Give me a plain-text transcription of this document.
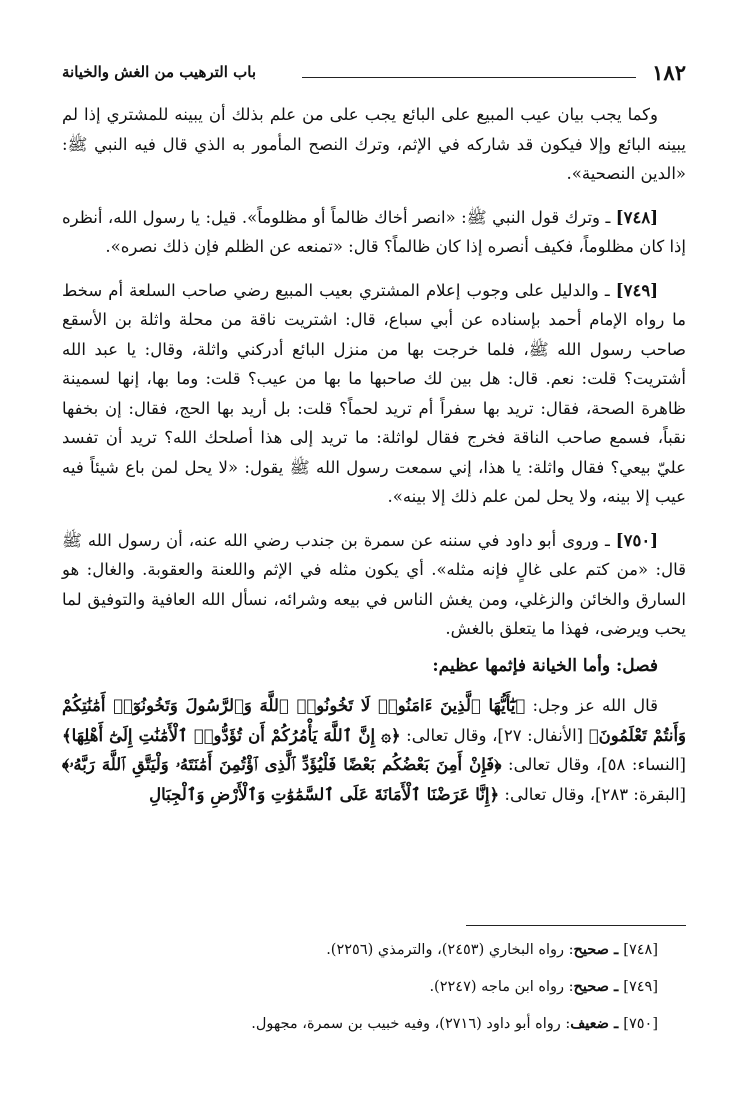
١٨٢
باب الترهيب من الغش والخيانة

وكما يجب بيان عيب المبيع على البائع يجب على من علم بذلك أن يبينه للمشتري إذا لم يبينه البائع وإلا فيكون قد شاركه في الإثم، وترك النصح المأمور به الذي قال فيه النبي ﷺ: «الدين النصحية».

[٧٤٨] ـ وترك قول النبي ﷺ: «انصر أخاك ظالماً أو مظلوماً». قيل: يا رسول الله، أنظره إذا كان مظلوماً، فكيف أنصره إذا كان ظالماً؟ قال: «تمنعه عن الظلم فإن ذلك نصره».

[٧٤٩] ـ والدليل على وجوب إعلام المشتري بعيب المبيع رضي صاحب السلعة أم سخط ما رواه الإمام أحمد بإسناده عن أبي سباع، قال: اشتريت ناقة من محلة واثلة بن الأسقع صاحب رسول الله ﷺ، فلما خرجت بها من منزل البائع أدركني واثلة، وقال: يا عبد الله أشتريت؟ قلت: نعم. قال: هل بين لك صاحبها ما بها من عيب؟ قلت: وما بها، إنها لسمينة ظاهرة الصحة، فقال: تريد بها سفراً أم تريد لحماً؟ قلت: بل أريد بها الحج، فقال: إن بخفها نقباً، فسمع صاحب الناقة فخرج فقال لواثلة: ما تريد إلى هذا أصلحك الله؟ تريد أن تفسد عليّ بيعي؟ فقال واثلة: يا هذا، إني سمعت رسول الله ﷺ يقول: «لا يحل لمن باع شيئاً فيه عيب إلا بينه، ولا يحل لمن علم ذلك إلا بينه».

[٧٥٠] ـ وروى أبو داود في سننه عن سمرة بن جندب رضي الله عنه، أن رسول الله ﷺ قال: «من كتم على غالٍ فإنه مثله». أي يكون مثله في الإثم واللعنة والعقوبة. والغال: هو السارق والخائن والزغلي، ومن يغش الناس في بيعه وشرائه، نسأل الله العافية والتوفيق لما يحب ويرضى، فهذا ما يتعلق بالغش.

فصل: وأما الخيانة فإثمها عظيم:

قال الله عز وجل: ﴿يَٰٓأَيُّهَا ٱلَّذِينَ ءَامَنُوا۟ لَا تَخُونُوا۟ ٱللَّهَ وَٱلرَّسُولَ وَتَخُونُوٓا۟ أَمَٰنَٰتِكُمْ وَأَنتُمْ تَعْلَمُونَ﴾ [الأنفال: ٢٧]، وقال تعالى: ﴿۞ إِنَّ ٱللَّهَ يَأْمُرُكُمْ أَن تُؤَدُّوا۟ ٱلْأَمَٰنَٰتِ إِلَىٰٓ أَهْلِهَا﴾ [النساء: ٥٨]، وقال تعالى: ﴿فَإِنْ أَمِنَ بَعْضُكُم بَعْضًا فَلْيُؤَدِّ ٱلَّذِى ٱؤْتُمِنَ أَمَٰنَتَهُۥ وَلْيَتَّقِ ٱللَّهَ رَبَّهُۥ﴾ [البقرة: ٢٨٣]، وقال تعالى: ﴿إِنَّا عَرَضْنَا ٱلْأَمَانَةَ عَلَى ٱلسَّمَٰوَٰتِ وَٱلْأَرْضِ وَٱلْجِبَالِ

[٧٤٨] ـ صحيح: رواه البخاري (٢٤٥٣)، والترمذي (٢٢٥٦).
[٧٤٩] ـ صحيح: رواه ابن ماجه (٢٢٤٧).
[٧٥٠] ـ ضعيف: رواه أبو داود (٢٧١٦)، وفيه خبيب بن سمرة، مجهول.
